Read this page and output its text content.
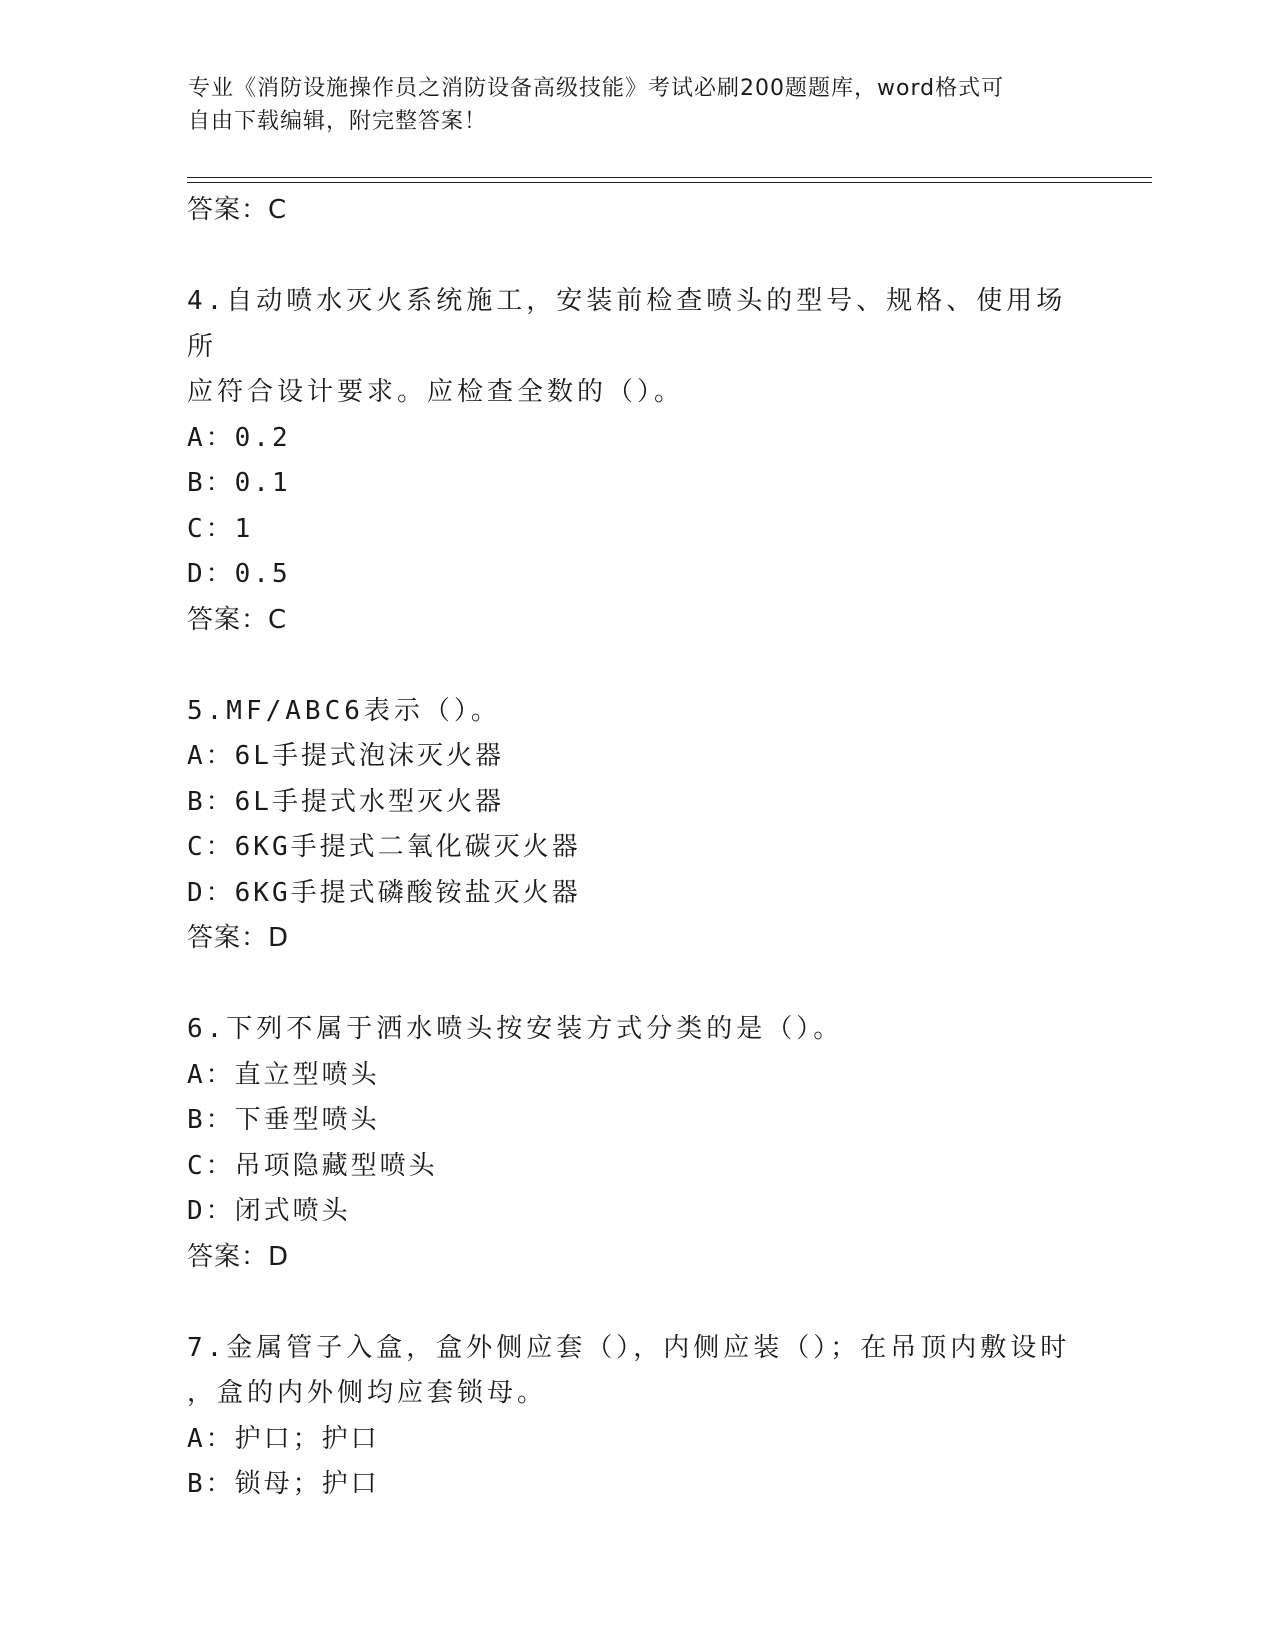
专业《消防设施操作员之消防设备高级技能》考试必刷200题题库，word格式可
自由下载编辑，附完整答案！
答案：C
4.自动喷水灭火系统施工，安装前检查喷头的型号、规格、使用场所
应符合设计要求。应检查全数的（）。
A：0.2
B：0.1
C：1
D：0.5
答案：C
5.MF/ABC6表示（）。
A：6L手提式泡沫灭火器
B：6L手提式水型灭火器
C：6KG手提式二氧化碳灭火器
D：6KG手提式磷酸铵盐灭火器
答案：D
6.下列不属于洒水喷头按安装方式分类的是（）。
A：直立型喷头
B：下垂型喷头
C：吊项隐藏型喷头
D：闭式喷头
答案：D
7.金属管子入盒，盒外侧应套（），内侧应装（）；在吊顶内敷设时
，盒的内外侧均应套锁母。
A：护口；护口
B：锁母；护口
